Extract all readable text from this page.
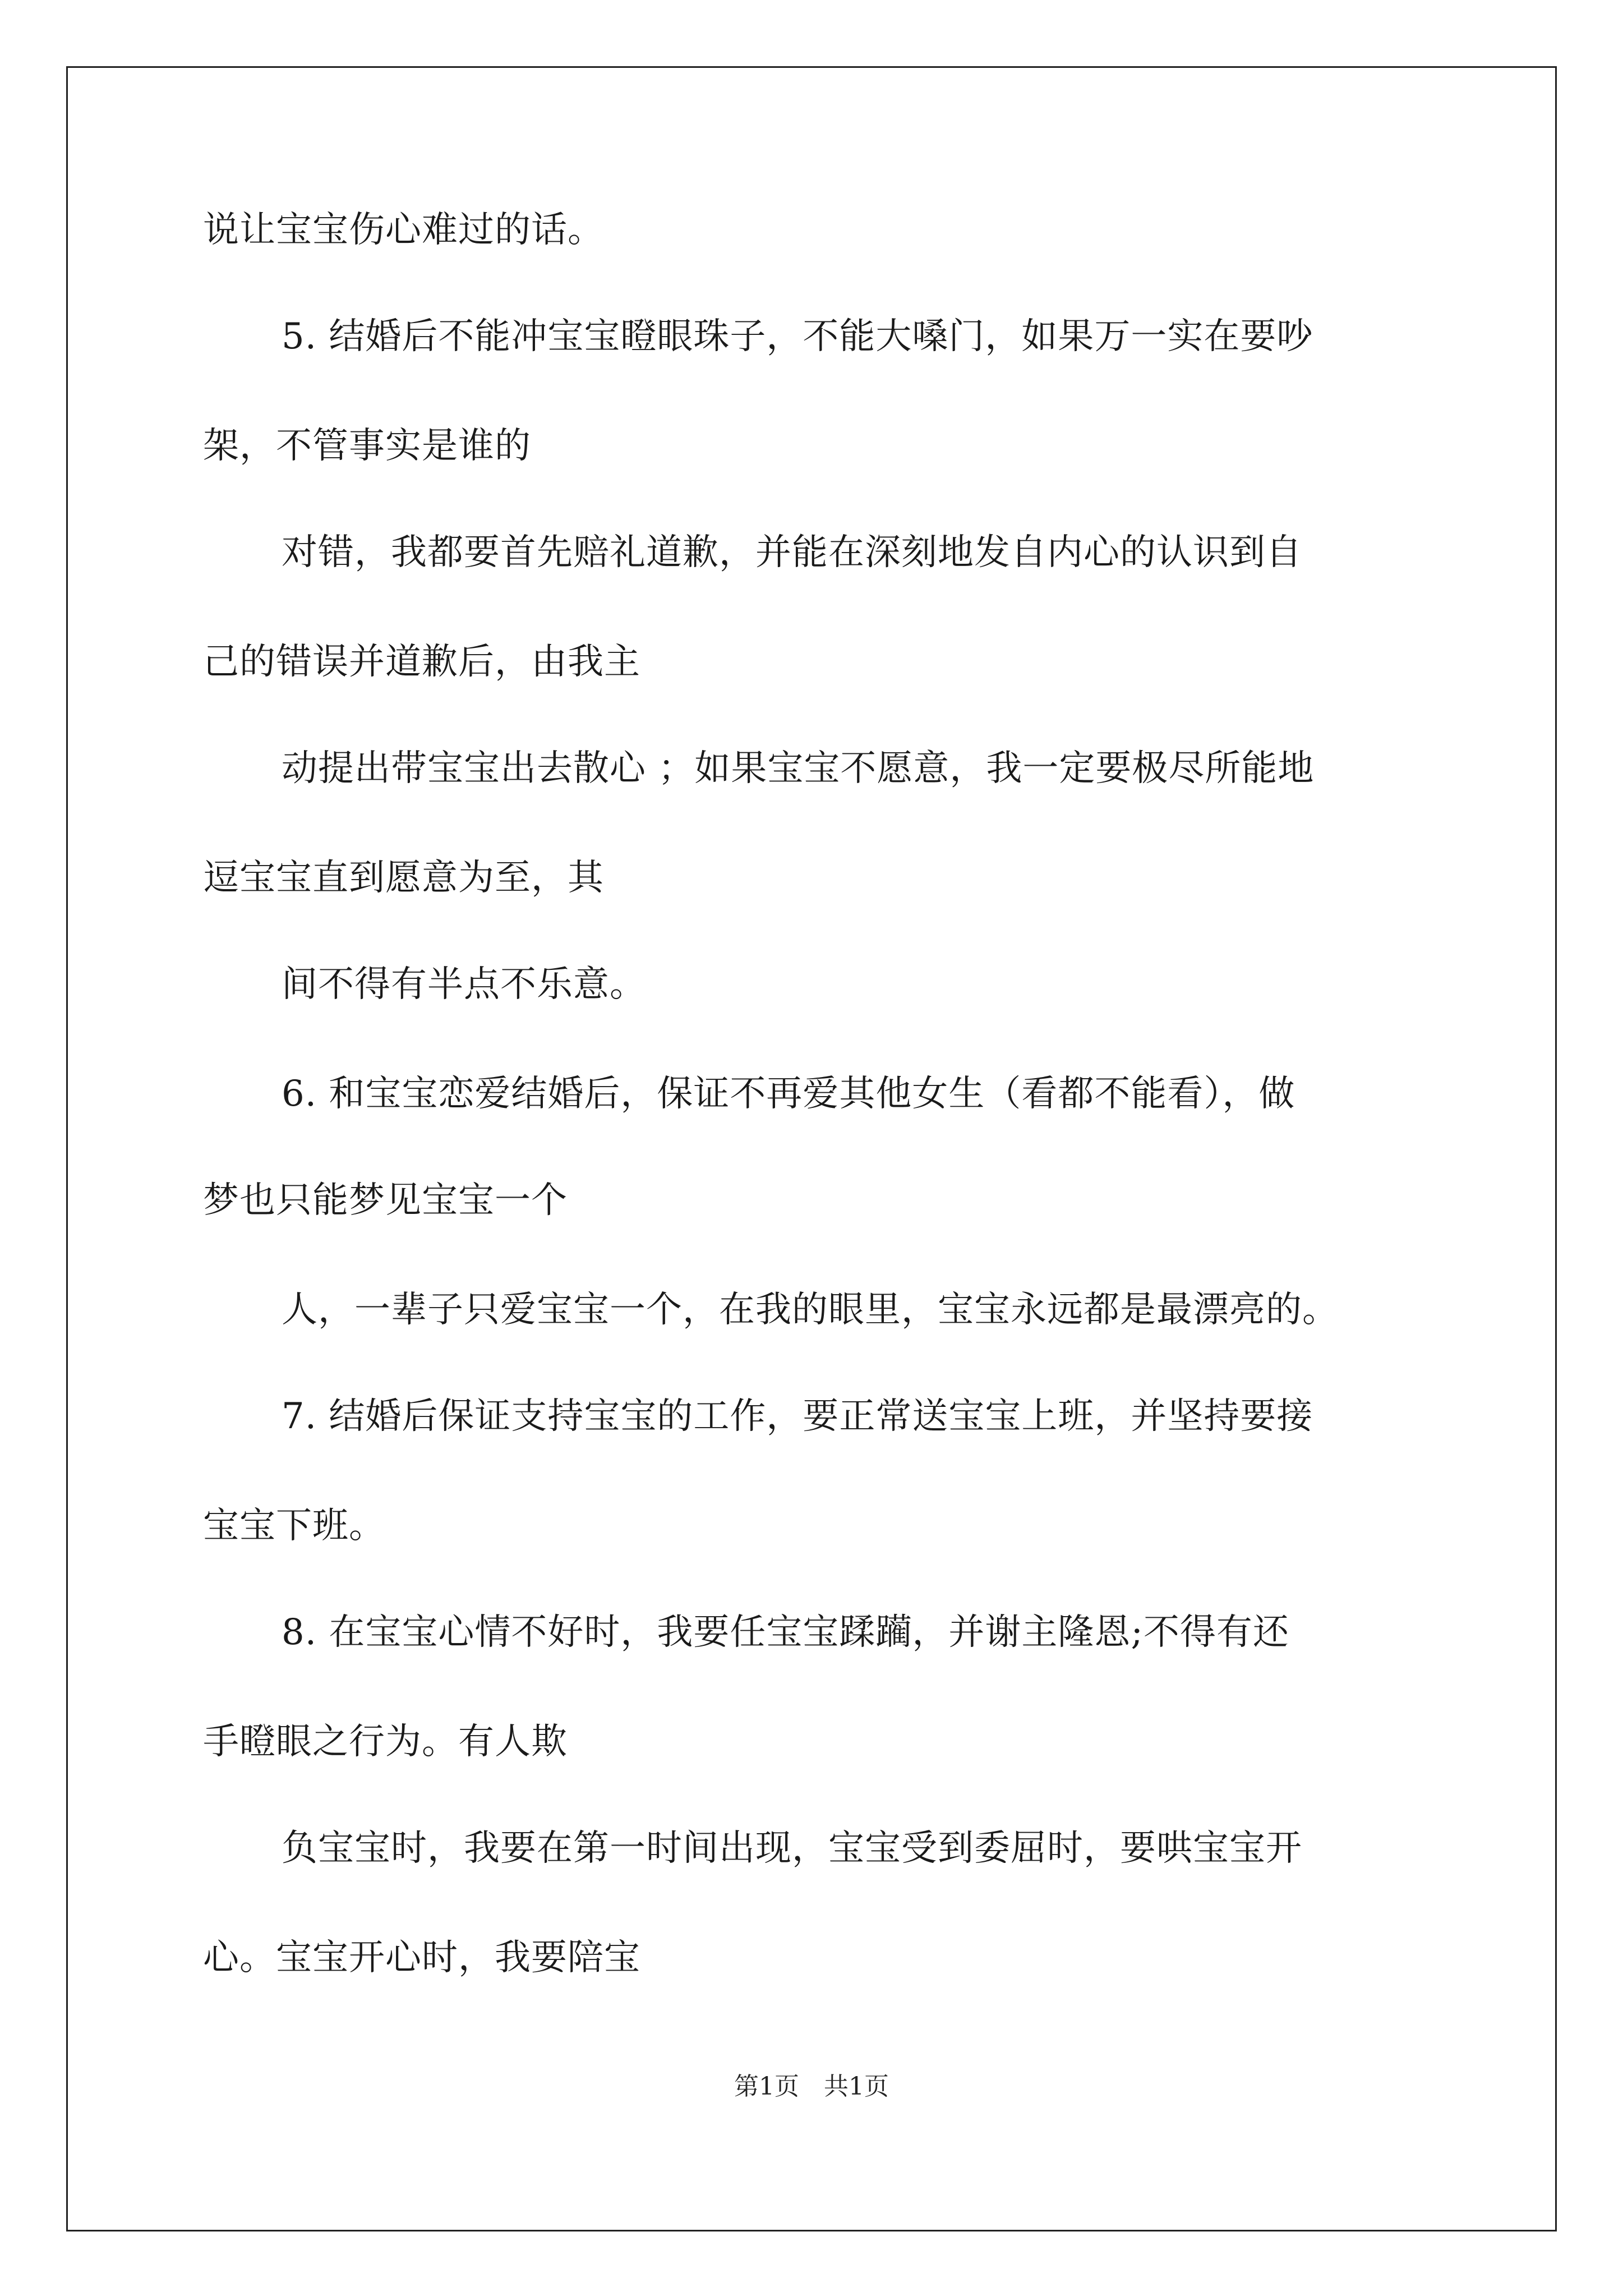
说让宝宝伤心难过的话。
5. 结婚后不能冲宝宝瞪眼珠子，不能大嗓门，如果万一实在要吵
架，不管事实是谁的
对错，我都要首先赔礼道歉，并能在深刻地发自内心的认识到自
己的错误并道歉后，由我主
动提出带宝宝出去散心 ；如果宝宝不愿意，我一定要极尽所能地
逗宝宝直到愿意为至，其
间不得有半点不乐意。
6. 和宝宝恋爱结婚后，保证不再爱其他女生（看都不能看），做
梦也只能梦见宝宝一个
人，一辈子只爱宝宝一个，在我的眼里，宝宝永远都是最漂亮的。
7. 结婚后保证支持宝宝的工作，要正常送宝宝上班，并坚持要接
宝宝下班。
8. 在宝宝心情不好时，我要任宝宝蹂躏，并谢主隆恩;不得有还
手瞪眼之行为。有人欺
负宝宝时，我要在第一时间出现，宝宝受到委屈时，要哄宝宝开
心。宝宝开心时，我要陪宝
第1页　共1页
